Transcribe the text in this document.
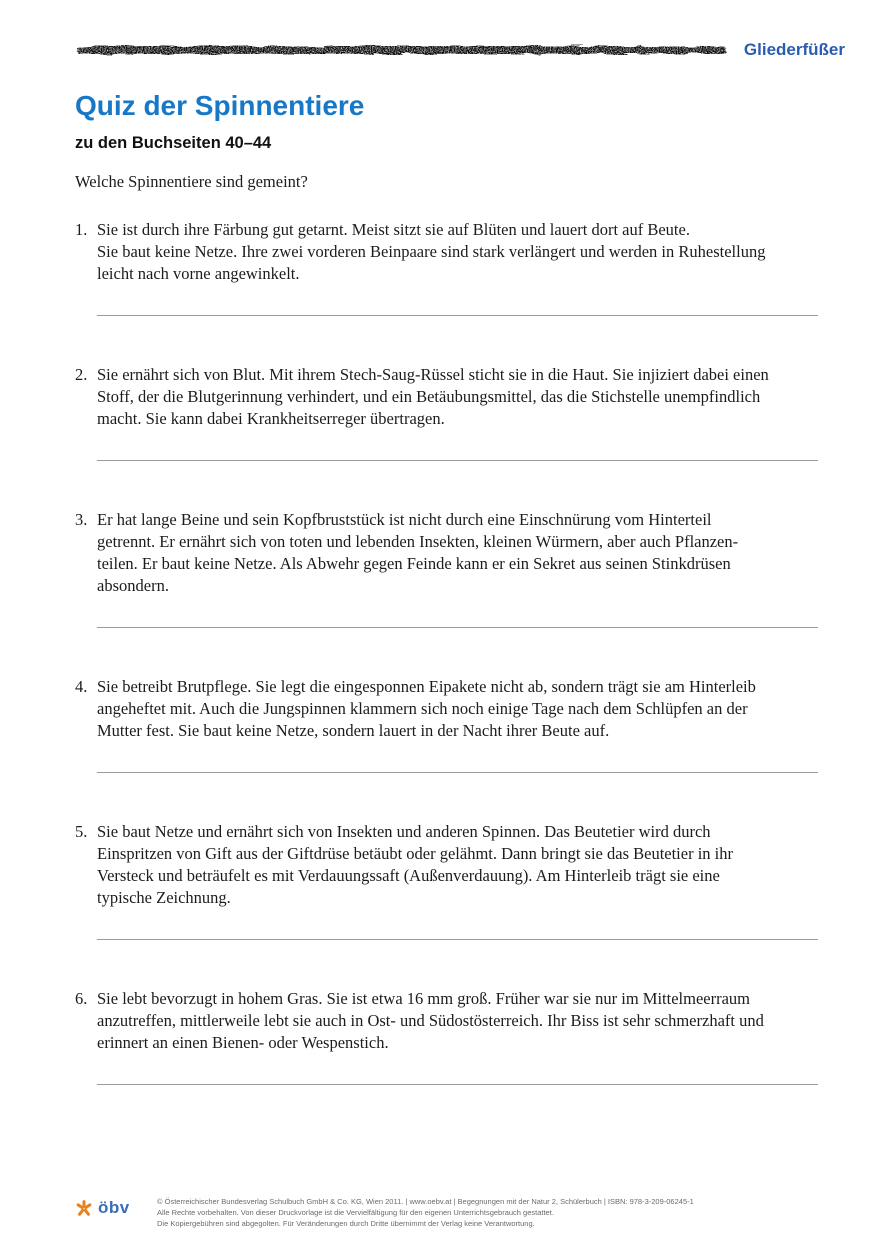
Gliederfüßer
Quiz der Spinnentiere
zu den Buchseiten 40–44
Welche Spinnentiere sind gemeint?
1. Sie ist durch ihre Färbung gut getarnt. Meist sitzt sie auf Blüten und lauert dort auf Beute.
Sie baut keine Netze. Ihre zwei vorderen Beinpaare sind stark verlängert und werden in Ruhestellung
leicht nach vorne angewinkelt.
2. Sie ernährt sich von Blut. Mit ihrem Stech-Saug-Rüssel sticht sie in die Haut. Sie injiziert dabei einen
Stoff, der die Blutgerinnung verhindert, und ein Betäubungsmittel, das die Stichstelle unempfindlich
macht. Sie kann dabei Krankheitserreger übertragen.
3. Er hat lange Beine und sein Kopfbruststück ist nicht durch eine Einschnürung vom Hinterteil
getrennt. Er ernährt sich von toten und lebenden Insekten, kleinen Würmern, aber auch Pflanzen-
teilen. Er baut keine Netze. Als Abwehr gegen Feinde kann er ein Sekret aus seinen Stinkdrüsen
absondern.
4. Sie betreibt Brutpflege. Sie legt die eingesponnen Eipakete nicht ab, sondern trägt sie am Hinterleib
angeheftet mit. Auch die Jungspinnen klammern sich noch einige Tage nach dem Schlüpfen an der
Mutter fest. Sie baut keine Netze, sondern lauert in der Nacht ihrer Beute auf.
5. Sie baut Netze und ernährt sich von Insekten und anderen Spinnen. Das Beutetier wird durch
Einspritzen von Gift aus der Giftdrüse betäubt oder gelähmt. Dann bringt sie das Beutetier in ihr
Versteck und beträufelt es mit Verdauungssaft (Außenverdauung). Am Hinterleib trägt sie eine
typische Zeichnung.
6. Sie lebt bevorzugt in hohem Gras. Sie ist etwa 16 mm groß. Früher war sie nur im Mittelmeerraum
anzutreffen, mittlerweile lebt sie auch in Ost- und Südostösterreich. Ihr Biss ist sehr schmerzhaft und
erinnert an einen Bienen- oder Wespenstich.
öbv	© Österreichischer Bundesverlag Schulbuch GmbH & Co. KG, Wien 2011. | www.oebv.at | Begegnungen mit der Natur 2, Schülerbuch | ISBN: 978-3-209-06245-1
Alle Rechte vorbehalten. Von dieser Druckvorlage ist die Vervielfältigung für den eigenen Unterrichtsgebrauch gestattet.
Die Kopiergebühren sind abgegolten. Für Veränderungen durch Dritte übernimmt der Verlag keine Verantwortung.
